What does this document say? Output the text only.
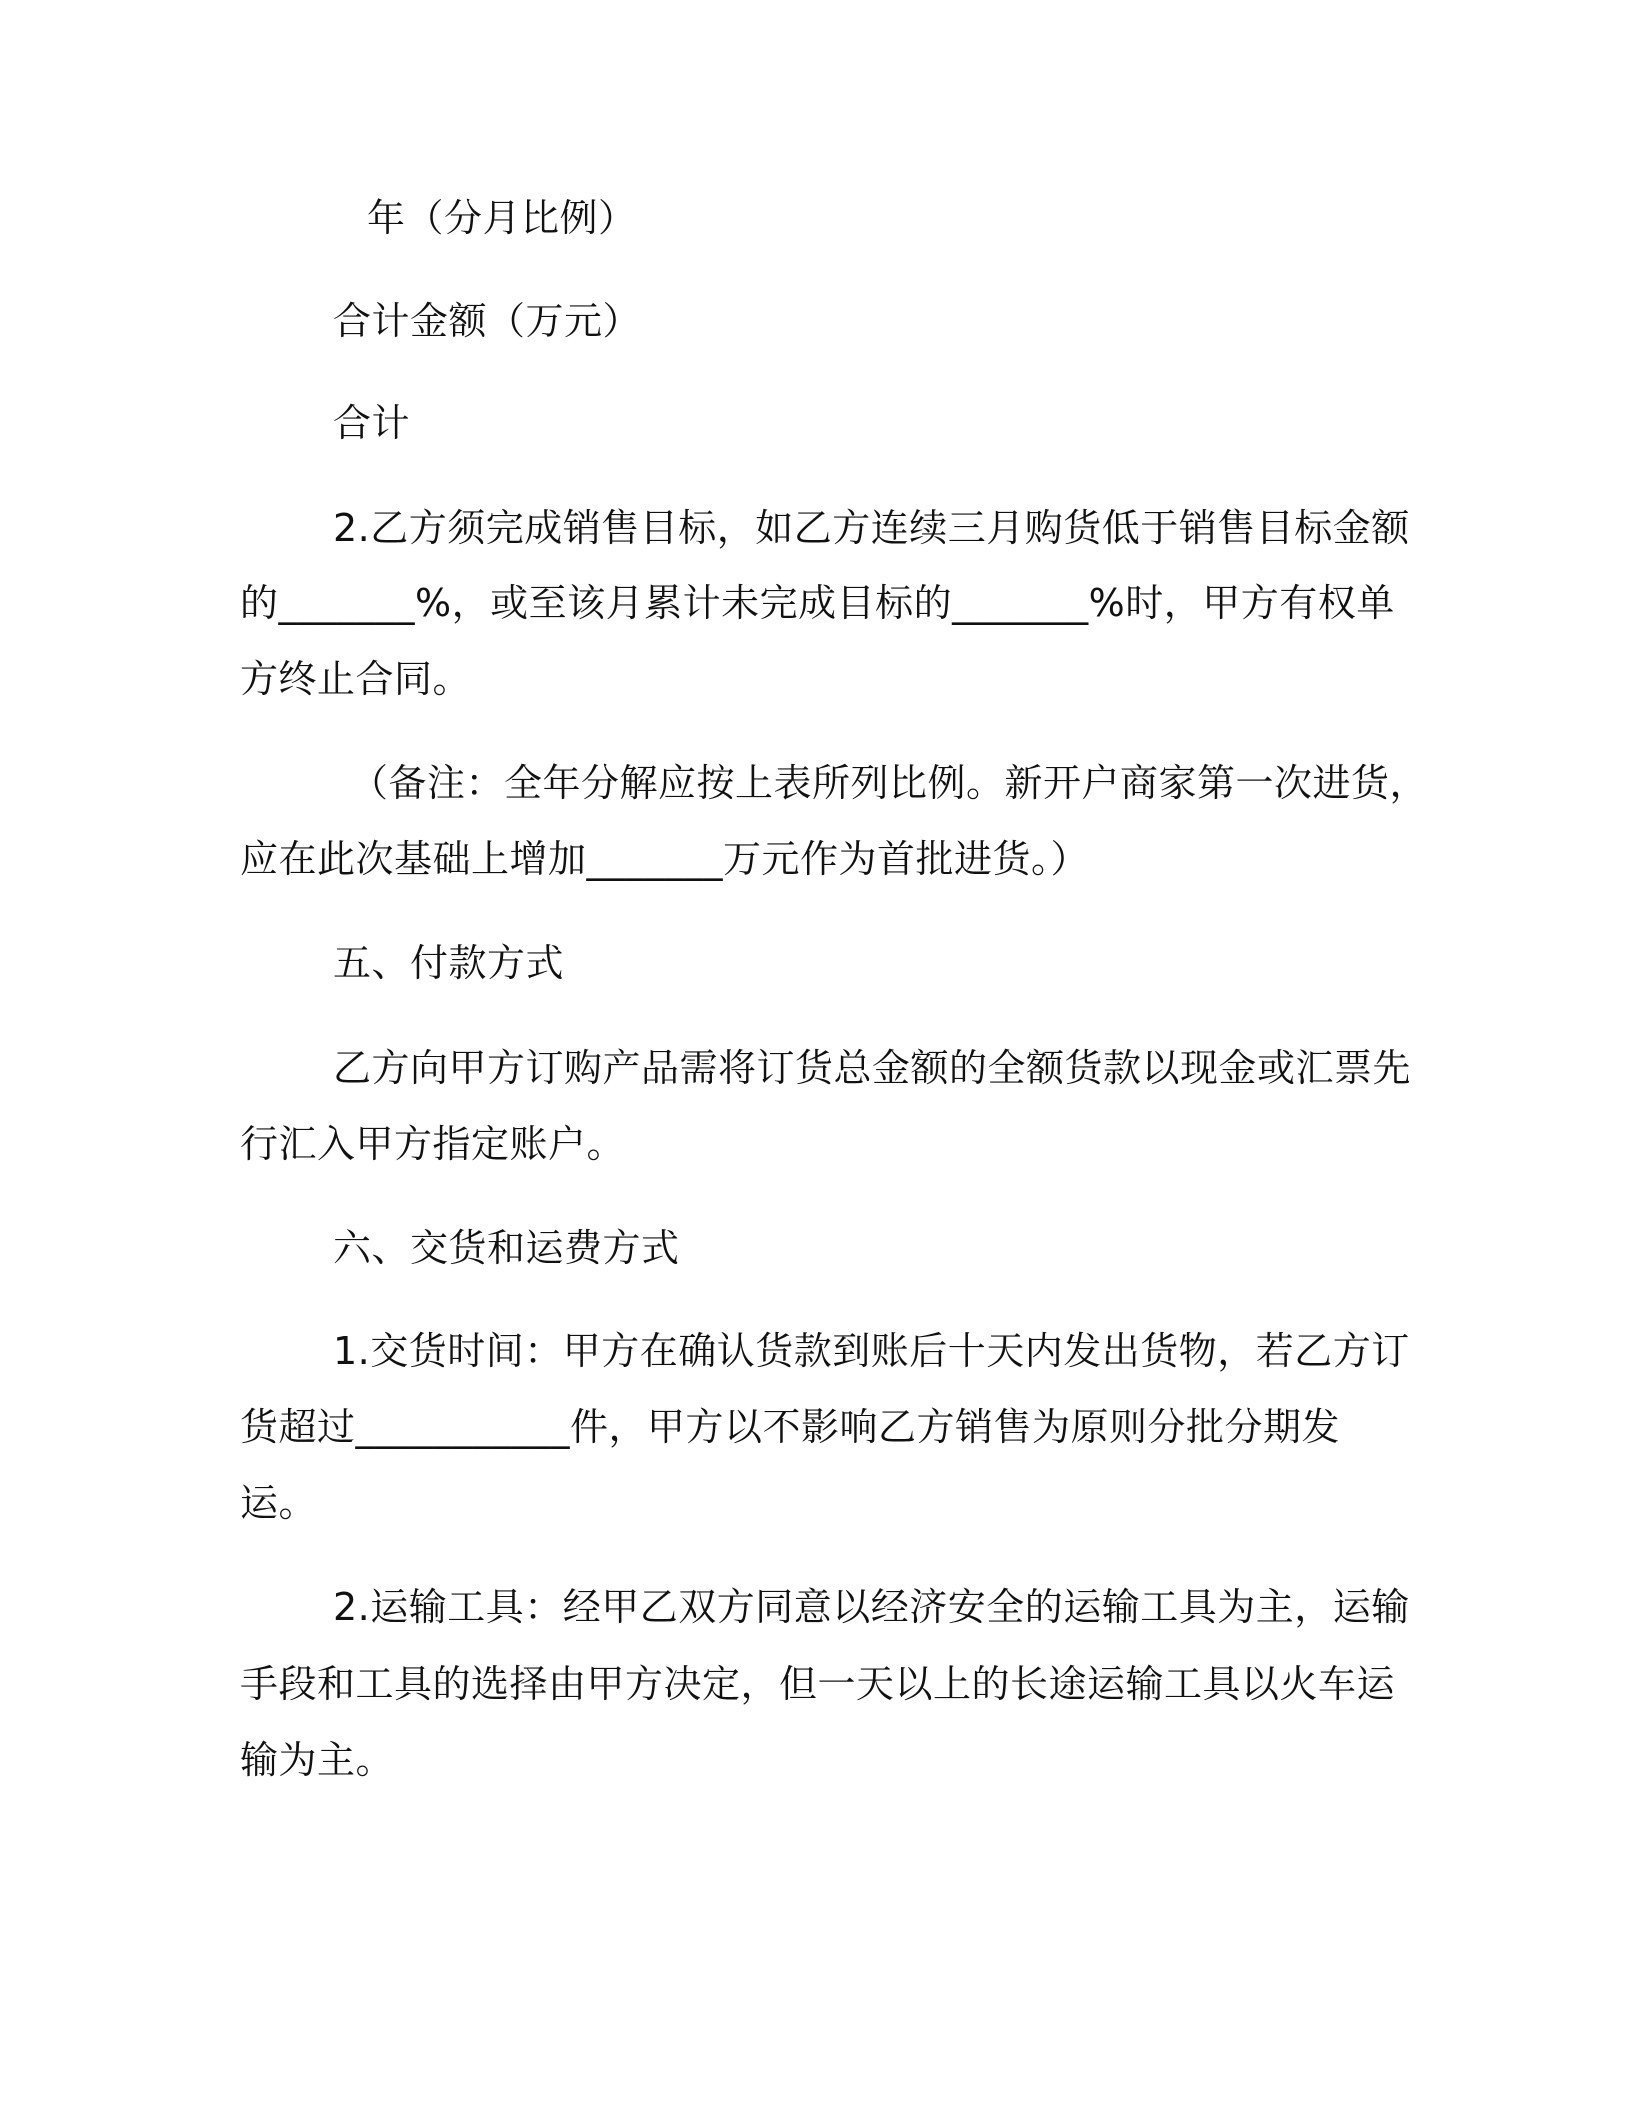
年（分月比例）
合计金额（万元）
合计
2.乙方须完成销售目标，如乙方连续三月购货低于销售目标金额
的_______%，或至该月累计未完成目标的_______%时，甲方有权单
方终止合同。
（备注：全年分解应按上表所列比例。新开户商家第一次进货，
应在此次基础上增加_______万元作为首批进货。）
五、付款方式
乙方向甲方订购产品需将订货总金额的全额货款以现金或汇票先
行汇入甲方指定账户。
六、交货和运费方式
1.交货时间：甲方在确认货款到账后十天内发出货物，若乙方订
货超过___________件，甲方以不影响乙方销售为原则分批分期发
运。
2.运输工具：经甲乙双方同意以经济安全的运输工具为主，运输
手段和工具的选择由甲方决定，但一天以上的长途运输工具以火车运
输为主。
